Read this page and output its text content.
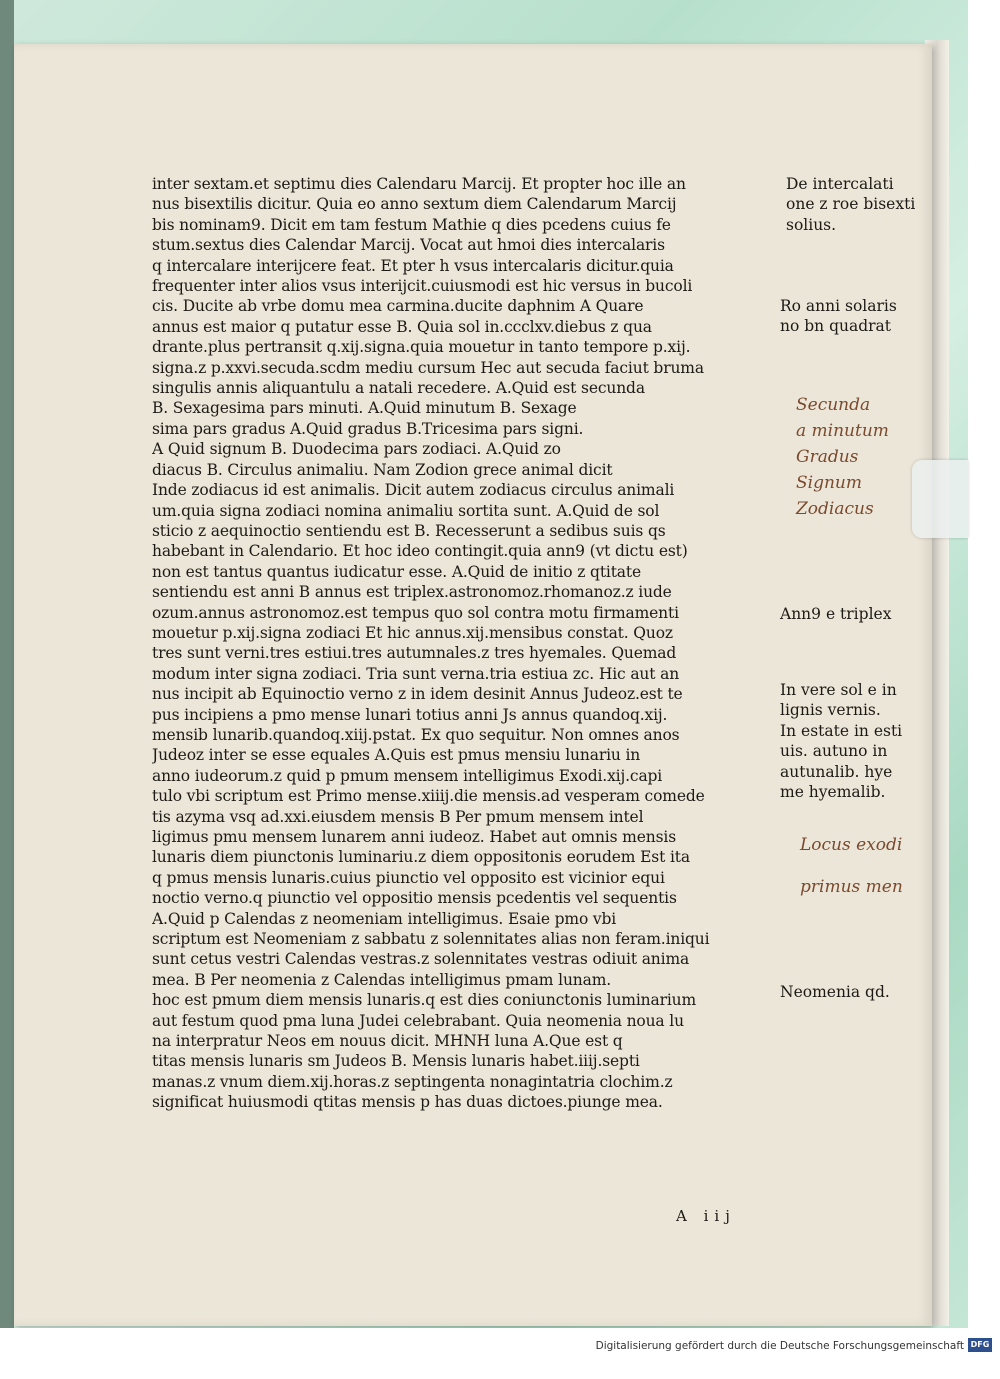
inter sextam.et septimu dies Calendaru Marcij. Et propter hoc ille an
nus bisextilis dicitur. Quia eo anno sextum diem Calendarum Marcij
bis nominam9. Dicit em tam festum Mathie q dies pcedens cuius fe
stum.sextus dies Calendar Marcij. Vocat aut hmoi dies intercalaris
q intercalare interijcere feat. Et pter h vsus intercalaris dicitur.quia
frequenter inter alios vsus interijcit.cuiusmodi est hic versus in bucoli
cis. Ducite ab vrbe domu mea carmina.ducite daphnim A Quare
annus est maior q putatur esse B. Quia sol in.ccclxv.diebus z qua
drante.plus pertransit q.xij.signa.quia mouetur in tanto tempore p.xij.
signa.z p.xxvi.secuda.scdm mediu cursum Hec aut secuda faciut bruma
singulis annis aliquantulu a natali recedere. A.Quid est secunda
B. Sexagesima pars minuti. A.Quid minutum B. Sexage
sima pars gradus A.Quid gradus B.Tricesima pars signi.
A Quid signum B. Duodecima pars zodiaci. A.Quid zo
diacus B. Circulus animaliu. Nam Zodion grece animal dicit
Inde zodiacus id est animalis. Dicit autem zodiacus circulus animali
um.quia signa zodiaci nomina animaliu sortita sunt. A.Quid de sol
sticio z aequinoctio sentiendu est B. Recesserunt a sedibus suis qs
habebant in Calendario. Et hoc ideo contingit.quia ann9 (vt dictu est)
non est tantus quantus iudicatur esse. A.Quid de initio z qtitate
sentiendu est anni B annus est triplex.astronomoz.rhomanoz.z iude
ozum.annus astronomoz.est tempus quo sol contra motu firmamenti
mouetur p.xij.signa zodiaci Et hic annus.xij.mensibus constat. Quoz
tres sunt verni.tres estiui.tres autumnales.z tres hyemales. Quemad
modum inter signa zodiaci. Tria sunt verna.tria estiua zc. Hic aut an
nus incipit ab Equinoctio verno z in idem desinit Annus Judeoz.est te
pus incipiens a pmo mense lunari totius anni Js annus quandoq.xij.
mensib lunarib.quandoq.xiij.pstat. Ex quo sequitur. Non omnes anos
Judeoz inter se esse equales A.Quis est pmus mensiu lunariu in
anno iudeorum.z quid p pmum mensem intelligimus Exodi.xij.capi
tulo vbi scriptum est Primo mense.xiiij.die mensis.ad vesperam comede
tis azyma vsq ad.xxi.eiusdem mensis B Per pmum mensem intel
ligimus pmu mensem lunarem anni iudeoz. Habet aut omnis mensis
lunaris diem piunctonis luminariu.z diem oppositonis eorudem Est ita
q pmus mensis lunaris.cuius piunctio vel opposito est vicinior equi
noctio verno.q piunctio vel oppositio mensis pcedentis vel sequentis
A.Quid p Calendas z neomeniam intelligimus. Esaie pmo vbi
scriptum est Neomeniam z sabbatu z solennitates alias non feram.iniqui
sunt cetus vestri Calendas vestras.z solennitates vestras odiuit anima
mea. B Per neomenia z Calendas intelligimus pmam lunam.
hoc est pmum diem mensis lunaris.q est dies coniunctonis luminarium
aut festum quod pma luna Judei celebrabant. Quia neomenia noua lu
na interpratur Neos em nouus dicit. MHNH luna A.Que est q
titas mensis lunaris sm Judeos B. Mensis lunaris habet.iiij.septi
manas.z vnum diem.xij.horas.z septingenta nonagintatria clochim.z
significat huiusmodi qtitas mensis p has duas dictoes.piunge mea.
A iij
De intercalati
one z roe bisexti
solius.
Ro anni solaris
no bn quadrat
Secunda
a minutum
Gradus
Signum
Zodiacus
Ann9 e triplex
In vere sol e in
lignis vernis.
In estate in esti
uis. autuno in
autunalib. hye
me hyemalib.
Locus exodi
primus men
Neomenia qd.
Digitalisierung gefördert durch die Deutsche Forschungsgemeinschaft DFG
